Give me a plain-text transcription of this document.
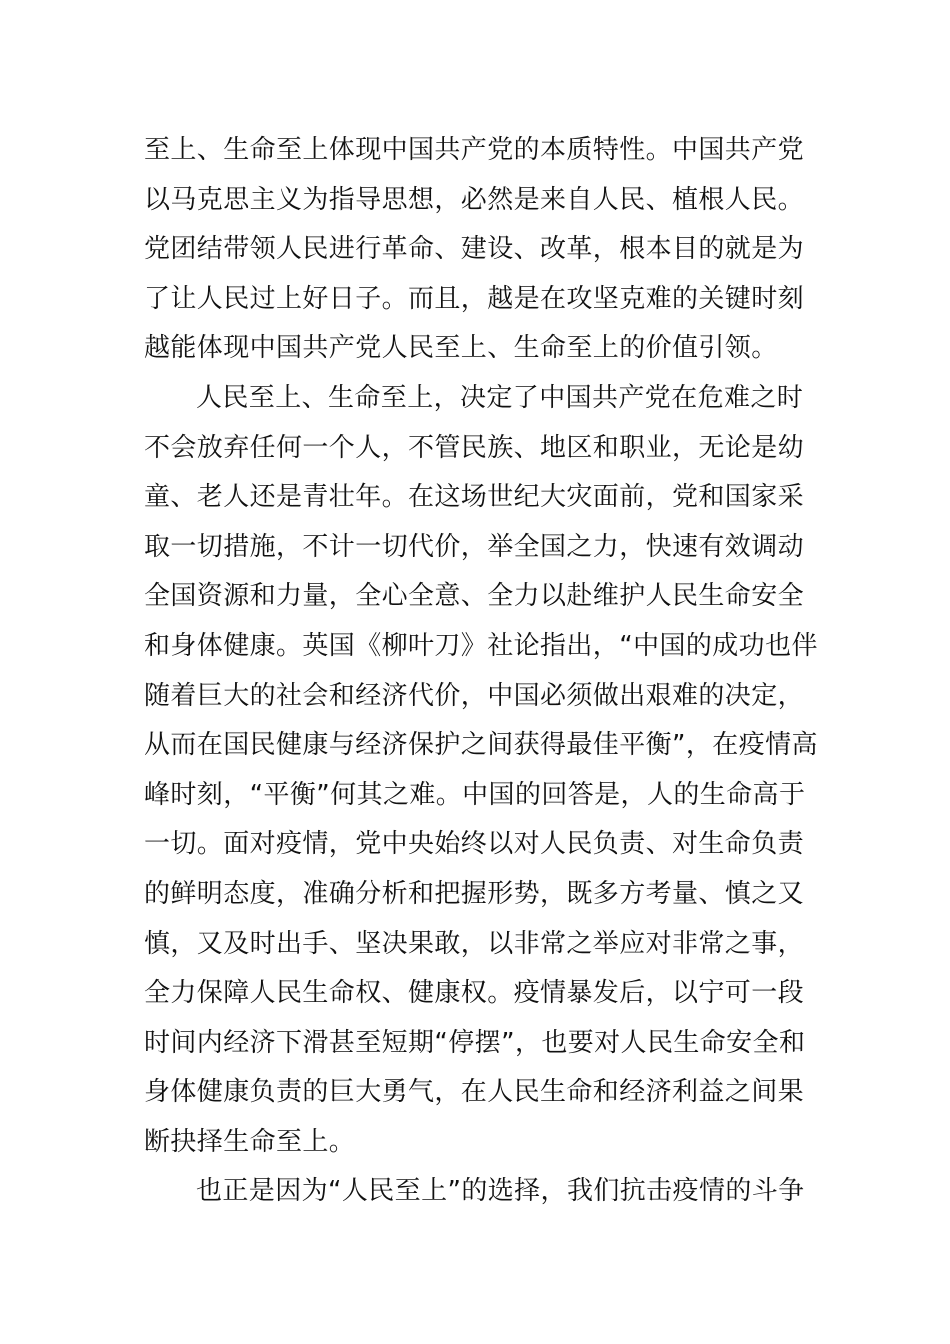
至上、生命至上体现中国共产党的本质特性。中国共产党
以马克思主义为指导思想，必然是来自人民、植根人民。
党团结带领人民进行革命、建设、改革，根本目的就是为
了让人民过上好日子。而且，越是在攻坚克难的关键时刻
越能体现中国共产党人民至上、生命至上的价值引领。
人民至上、生命至上，决定了中国共产党在危难之时
不会放弃任何一个人，不管民族、地区和职业，无论是幼
童、老人还是青壮年。在这场世纪大灾面前，党和国家采
取一切措施，不计一切代价，举全国之力，快速有效调动
全国资源和力量，全心全意、全力以赴维护人民生命安全
和身体健康。英国《柳叶刀》社论指出，“中国的成功也伴
随着巨大的社会和经济代价，中国必须做出艰难的决定，
从而在国民健康与经济保护之间获得最佳平衡”，在疫情高
峰时刻，“平衡”何其之难。中国的回答是，人的生命高于
一切。面对疫情，党中央始终以对人民负责、对生命负责
的鲜明态度，准确分析和把握形势，既多方考量、慎之又
慎，又及时出手、坚决果敢，以非常之举应对非常之事，
全力保障人民生命权、健康权。疫情暴发后，以宁可一段
时间内经济下滑甚至短期“停摆”，也要对人民生命安全和
身体健康负责的巨大勇气，在人民生命和经济利益之间果
断抉择生命至上。
也正是因为“人民至上”的选择，我们抗击疫情的斗争
